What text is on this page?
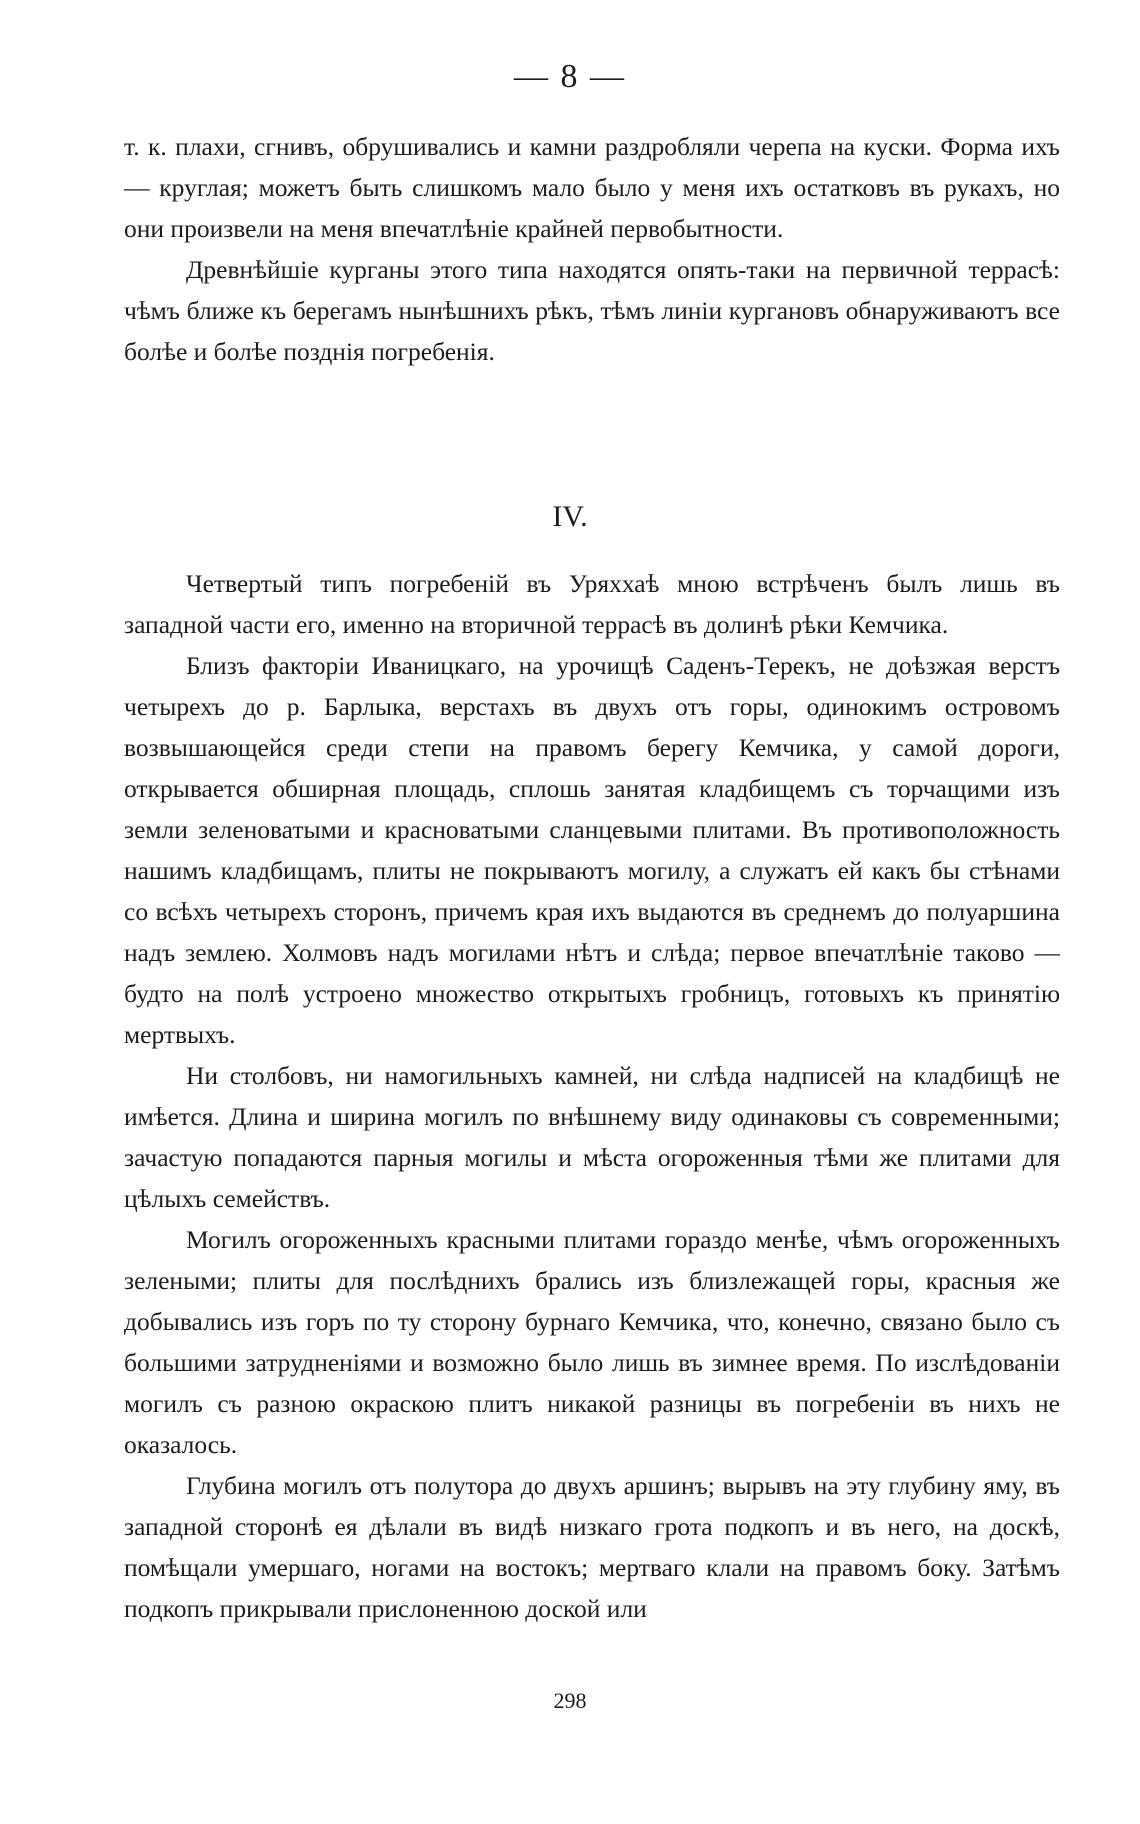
— 8 —

т. к. плахи, сгнивъ, обрушивались и камни раздробляли черепа на куски. Форма ихъ — круглая; можетъ быть слишкомъ мало было у меня ихъ остатковъ въ рукахъ, но они произвели на меня впечатлѣніе крайней первобытности.

Древнѣйшіе курганы этого типа находятся опять-таки на первичной террасѣ: чѣмъ ближе къ берегамъ нынѣшнихъ рѣкъ, тѣмъ линіи кургановъ обнаруживаютъ все болѣе и болѣе позднія погребенія.

IV.

Четвертый типъ погребеній въ Уряххаѣ мною встрѣченъ былъ лишь въ западной части его, именно на вторичной террасѣ въ долинѣ рѣки Кемчика.

Близъ факторіи Иваницкаго, на урочищѣ Саденъ-Терекъ, не доѣзжая верстъ четырехъ до р. Барлыка, верстахъ въ двухъ отъ горы, одинокимъ островомъ возвышающейся среди степи на правомъ берегу Кемчика, у самой дороги, открывается обширная площадь, сплошь занятая кладбищемъ съ торчащими изъ земли зеленоватыми и красноватыми сланцевыми плитами. Въ противоположность нашимъ кладбищамъ, плиты не покрываютъ могилу, а служатъ ей какъ бы стѣнами со всѣхъ четырехъ сторонъ, причемъ края ихъ выдаются въ среднемъ до полуаршина надъ землею. Холмовъ надъ могилами нѣтъ и слѣда; первое впечатлѣніе таково — будто на полѣ устроено множество открытыхъ гробницъ, готовыхъ къ принятію мертвыхъ.

Ни столбовъ, ни намогильныхъ камней, ни слѣда надписей на кладбищѣ не имѣется. Длина и ширина могилъ по внѣшнему виду одинаковы съ современными; зачастую попадаются парныя могилы и мѣста огороженныя тѣми же плитами для цѣлыхъ семействъ.

Могилъ огороженныхъ красными плитами гораздо менѣе, чѣмъ огороженныхъ зелеными; плиты для послѣднихъ брались изъ близлежащей горы, красныя же добывались изъ горъ по ту сторону бурнаго Кемчика, что, конечно, связано было съ большими затрудненіями и возможно было лишь въ зимнее время. По изслѣдованіи могилъ съ разною окраскою плитъ никакой разницы въ погребеніи въ нихъ не оказалось.

Глубина могилъ отъ полутора до двухъ аршинъ; вырывъ на эту глубину яму, въ западной сторонѣ ея дѣлали въ видѣ низкаго грота подкопъ и въ него, на доскѣ, помѣщали умершаго, ногами на востокъ; мертваго клали на правомъ боку. Затѣмъ подкопъ прикрывали прислоненною доской или

298
